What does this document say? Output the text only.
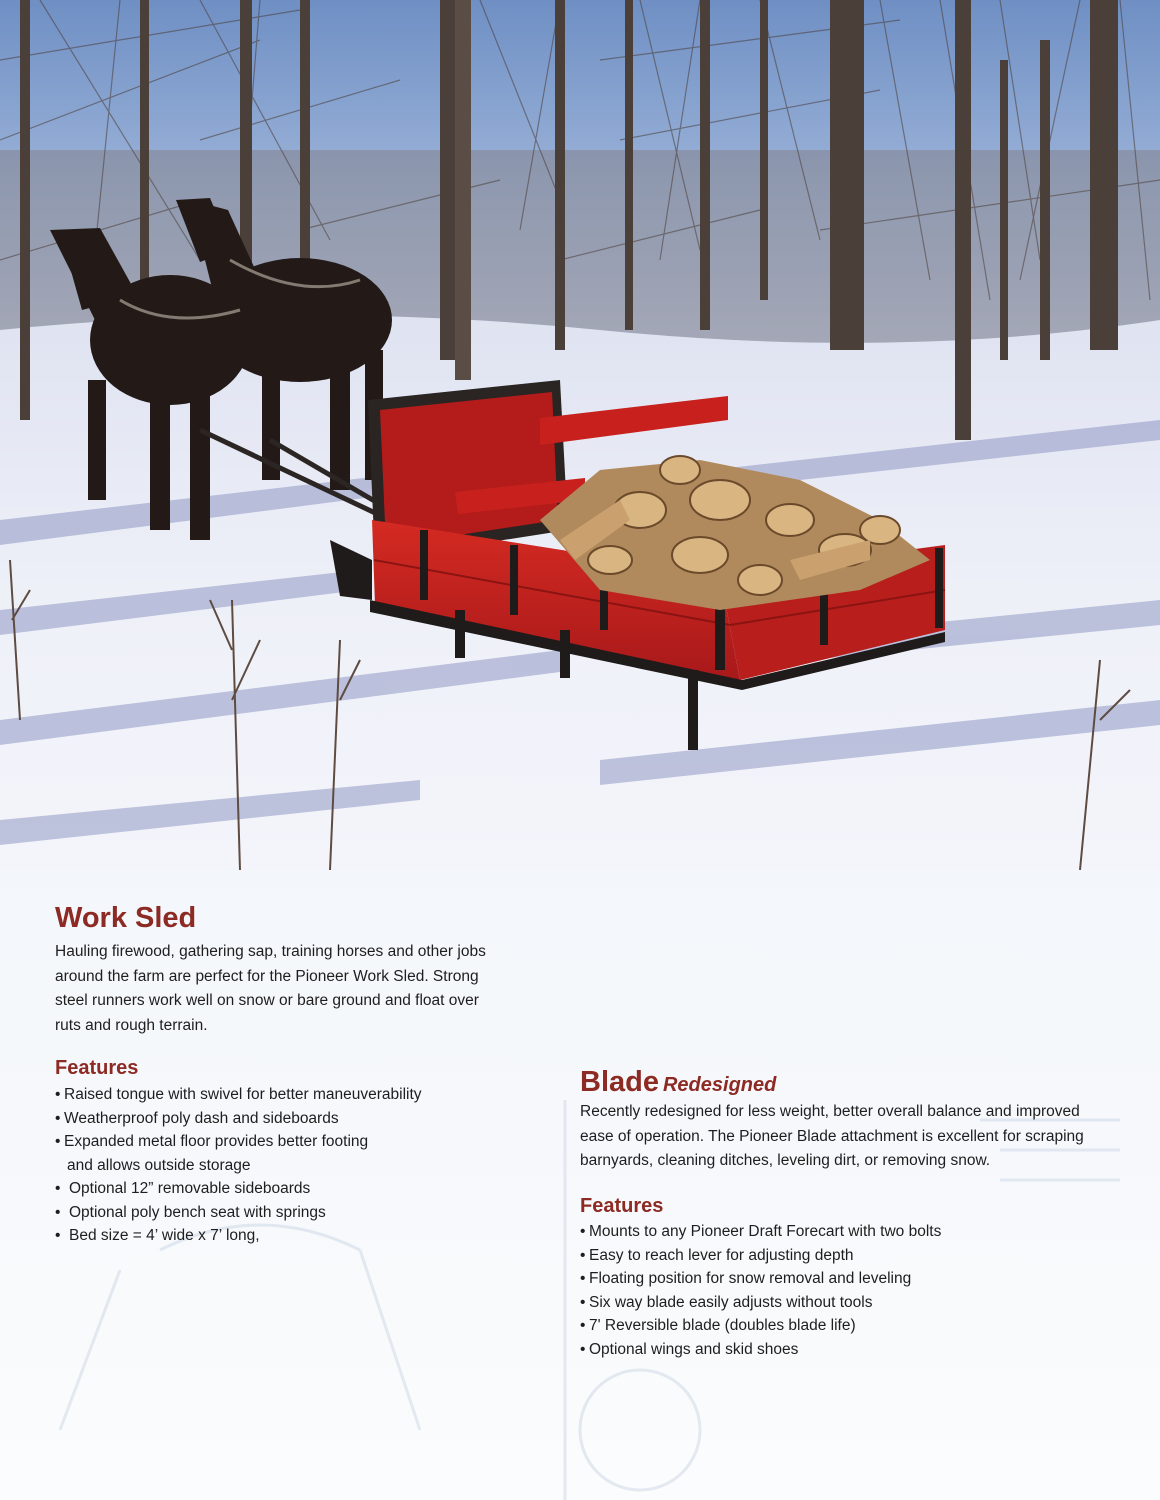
Work Sled

Hauling firewood, gathering sap, training horses and other jobs around the farm are perfect for the Pioneer Work Sled. Strong steel runners work well on snow or bare ground and float over ruts and rough terrain.

Features
• Raised tongue with swivel for better maneuverability
• Weatherproof poly dash and sideboards
• Expanded metal floor provides better footing
and allows outside storage
• Optional 12” removable sideboards
• Optional poly bench seat with springs
• Bed size = 4’ wide x 7’ long,
Blade Redesigned

Recently redesigned for less weight, better overall balance and improved ease of operation. The Pioneer Blade attachment is excellent for scraping barnyards, cleaning ditches, leveling dirt, or removing snow.

Features
• Mounts to any Pioneer Draft Forecart with two bolts
• Easy to reach lever for adjusting depth
• Floating position for snow removal and leveling
• Six way blade easily adjusts without tools
• 7' Reversible blade (doubles blade life)
• Optional wings and skid shoes
